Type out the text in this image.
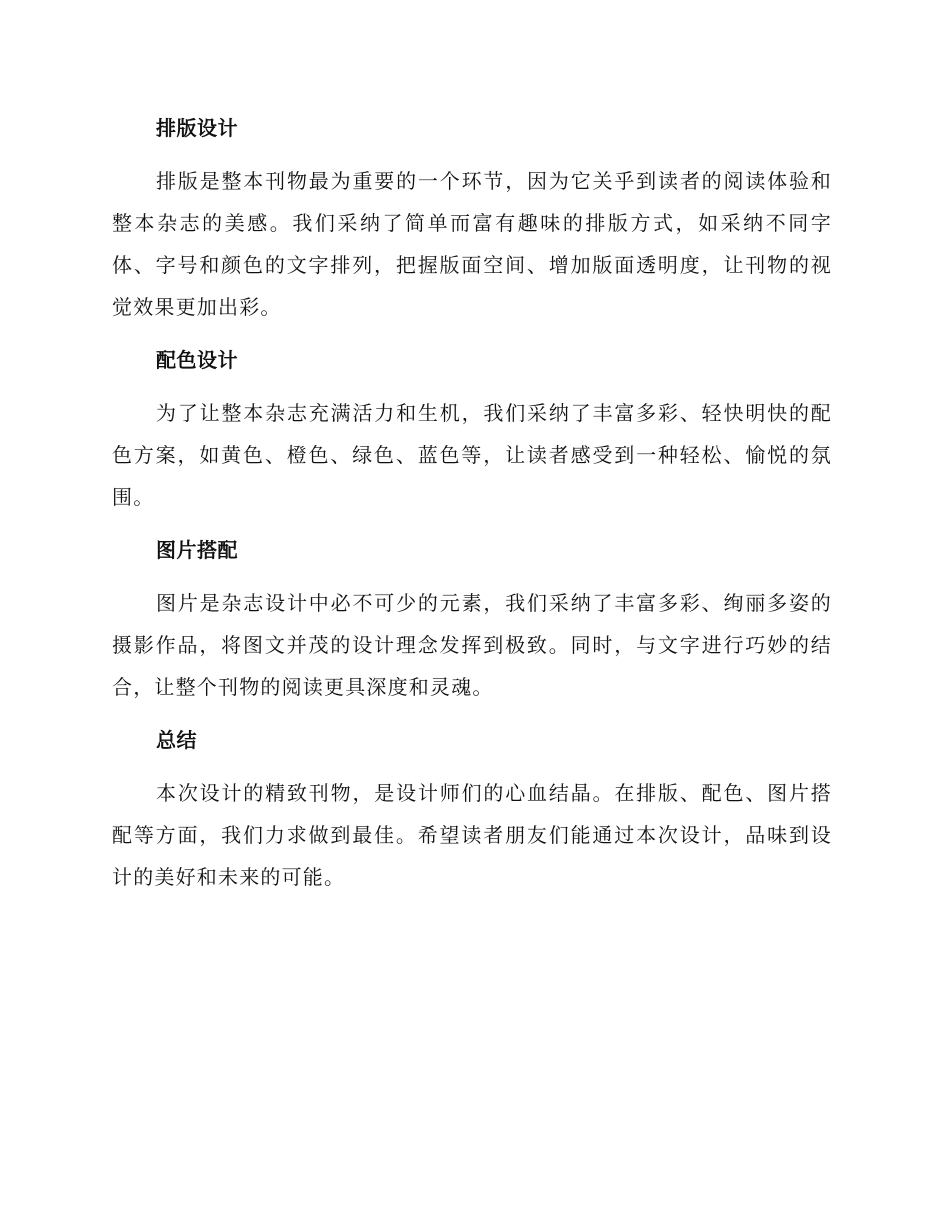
排版设计

排版是整本刊物最为重要的一个环节，因为它关乎到读者的阅读体验和整本杂志的美感。我们采纳了简单而富有趣味的排版方式，如采纳不同字体、字号和颜色的文字排列，把握版面空间、增加版面透明度，让刊物的视觉效果更加出彩。

配色设计

为了让整本杂志充满活力和生机，我们采纳了丰富多彩、轻快明快的配色方案，如黄色、橙色、绿色、蓝色等，让读者感受到一种轻松、愉悦的氛围。

图片搭配

图片是杂志设计中必不可少的元素，我们采纳了丰富多彩、绚丽多姿的摄影作品，将图文并茂的设计理念发挥到极致。同时，与文字进行巧妙的结合，让整个刊物的阅读更具深度和灵魂。

总结

本次设计的精致刊物，是设计师们的心血结晶。在排版、配色、图片搭配等方面，我们力求做到最佳。希望读者朋友们能通过本次设计，品味到设计的美好和未来的可能。
